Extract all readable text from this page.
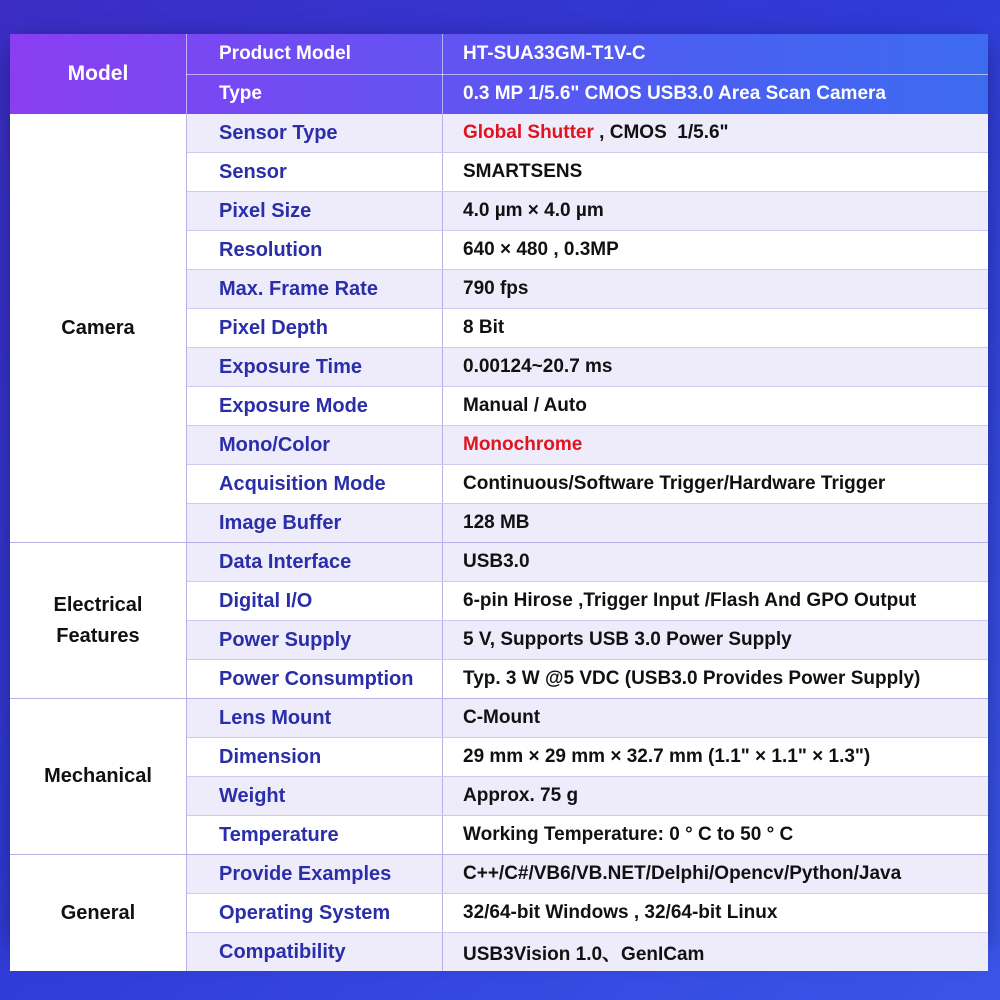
Model
Product Model	HT-SUA33GM-T1V-C
Type	0.3 MP 1/5.6" CMOS USB3.0 Area Scan Camera
Camera
Sensor Type	Global Shutter , CMOS  1/5.6"
Sensor	SMARTSENS
Pixel Size	4.0 µm × 4.0 µm
Resolution	640 × 480 , 0.3MP
Max. Frame Rate	790 fps
Pixel Depth	8 Bit
Exposure Time	0.00124~20.7 ms
Exposure Mode	Manual / Auto
Mono/Color	Monochrome
Acquisition Mode	Continuous/Software Trigger/Hardware Trigger
Image Buffer	128 MB
Electrical
Features
Data Interface	USB3.0
Digital I/O	6-pin Hirose ,Trigger Input /Flash And GPO Output
Power Supply	5 V, Supports USB 3.0 Power Supply
Power Consumption	Typ. 3 W @5 VDC (USB3.0 Provides Power Supply)
Mechanical
Lens Mount	C-Mount
Dimension	29 mm × 29 mm × 32.7 mm (1.1" × 1.1" × 1.3")
Weight	Approx. 75 g
Temperature	Working Temperature: 0 ° C to 50 ° C
General
Provide Examples	C++/C#/VB6/VB.NET/Delphi/Opencv/Python/Java
Operating System	32/64-bit Windows , 32/64-bit Linux
Compatibility	USB3Vision 1.0、GenICam
